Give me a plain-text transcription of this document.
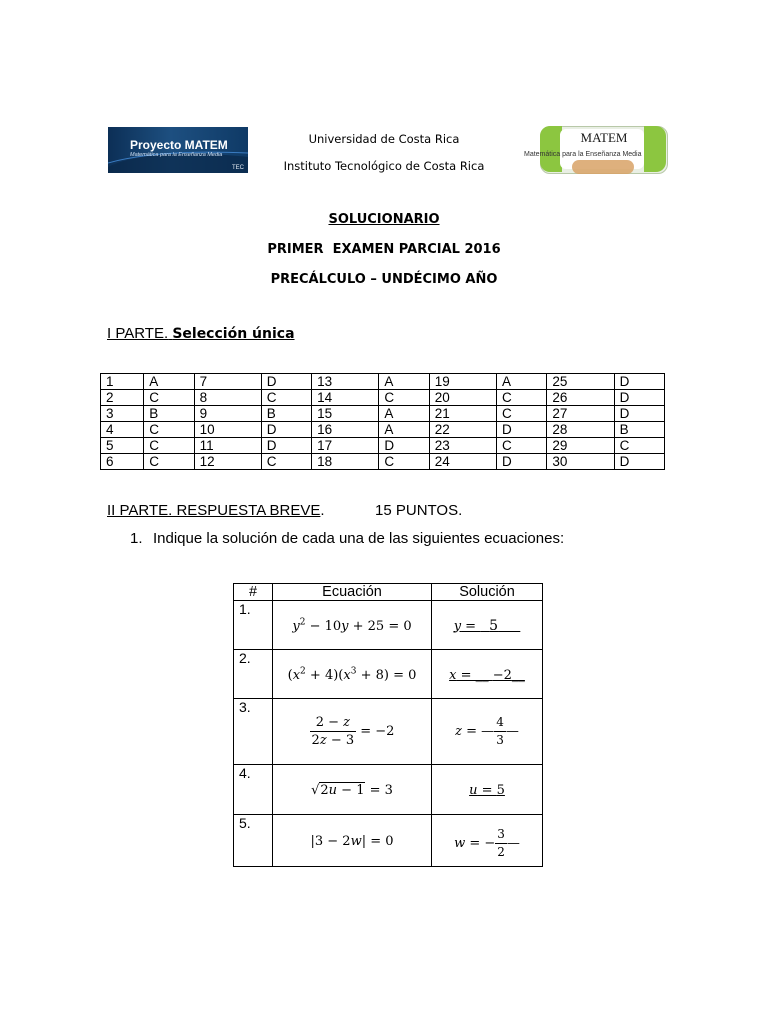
Proyecto MATEM
Matemática para la Enseñanza Media
TEC
Universidad de Costa Rica
Instituto Tecnológico de Costa Rica
MATEM
Matemática para la Enseñanza Media
SOLUCIONARIO
PRIMER  EXAMEN PARCIAL 2016
PRECÁLCULO – UNDÉCIMO AÑO
I PARTE. Selección única
1	A	7	D	13	A	19	A	25	D
2	C	8	C	14	C	20	C	26	D
3	B	9	B	15	A	21	C	27	D
4	C	10	D	16	A	22	D	28	B
5	C	11	D	17	D	23	C	29	C
6	C	12	C	18	C	24	D	30	D
II PARTE. RESPUESTA BREVE.	15 PUNTOS.
1. Indique la solución de cada una de las siguientes ecuaciones:
#	Ecuación	Solución
1.	$y^2 - 10y + 25 = 0$	y =   5
2.	$(x^2 + 4)(x^3 + 8) = 0$	x = __ −2__
3.	$\frac{2 - z}{2z - 3} = -2$	z = — $\frac{4}{3}$ —
4.	√2u − 1 = 3	u = 5
5.	|3 − 2w| = 0	w = − $\frac{3}{2}$ —
